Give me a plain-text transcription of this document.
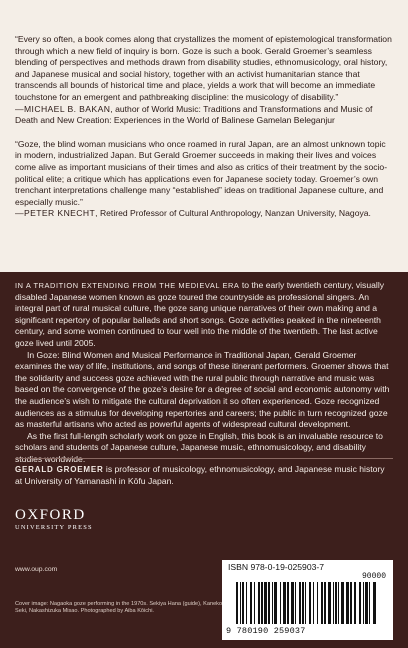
“Every so often, a book comes along that crystallizes the moment of epistemological transformation through which a new field of inquiry is born. Goze is such a book. Gerald Groemer’s seamless blending of perspectives and methods drawn from disability studies, ethnomusicology, oral history, and Japanese musical and social history, together with an activist humanitarian stance that transcends all bounds of historical time and place, yields a work that will become an immediate touchstone for an emergent and pathbreaking discipline: the musicology of disability.”

—MICHAEL B. BAKAN, author of World Music: Traditions and Transformations and Music of Death and New Creation: Experiences in the World of Balinese Gamelan Beleganjur

“Goze, the blind woman musicians who once roamed in rural Japan, are an almost unknown topic in modern, industrialized Japan. But Gerald Groemer succeeds in making their lives and voices come alive as important musicians of their times and also as critics of their treatment by the socio-political elite; a critique which has applications even for Japanese society today. Groemer’s own trenchant interpretations challenge many “established” ideas on traditional Japanese culture, and especially music.”

—PETER KNECHT, Retired Professor of Cultural Anthropology, Nanzan University, Nagoya.

IN A TRADITION EXTENDING FROM THE MEDIEVAL ERA to the early twentieth century, visually disabled Japanese women known as goze toured the countryside as professional singers. An integral part of rural musical culture, the goze sang unique narratives of their own making and a significant repertory of popular ballads and short songs. Goze activities peaked in the nineteenth century, and some women continued to tour well into the middle of the twentieth. The last active goze lived until 2005.

In Goze: Blind Women and Musical Performance in Traditional Japan, Gerald Groemer examines the way of life, institutions, and songs of these itinerant performers. Groemer shows that the solidarity and success goze achieved with the rural public through narrative and music was based on the convergence of the goze’s desire for a degree of social and economic autonomy with the audience’s wish to mitigate the cultural deprivation it so often experienced. Goze recognized audiences as a stimulus for developing repertories and careers; the public in turn recognized goze as masterful artisans who acted as powerful agents of widespread cultural development.

As the first full-length scholarly work on goze in English, this book is an invaluable resource to scholars and students of Japanese culture, Japanese music, ethnomusicology, and disability

GERALD GROEMER is professor of musicology, ethnomusicology, and Japanese music history at University of Yamanashi in Kōfu Japan.
OXFORD
UNIVERSITY PRESS
www.oup.com
Cover image: Nagaoka goze performing in the 1970s. Sekiya Hana (guide), Kaneko Seki, Nakashizuka Misao. Photographed by Aiba Kōichi.
ISBN 978-0-19-025903-7
90000
9 780190 259037
